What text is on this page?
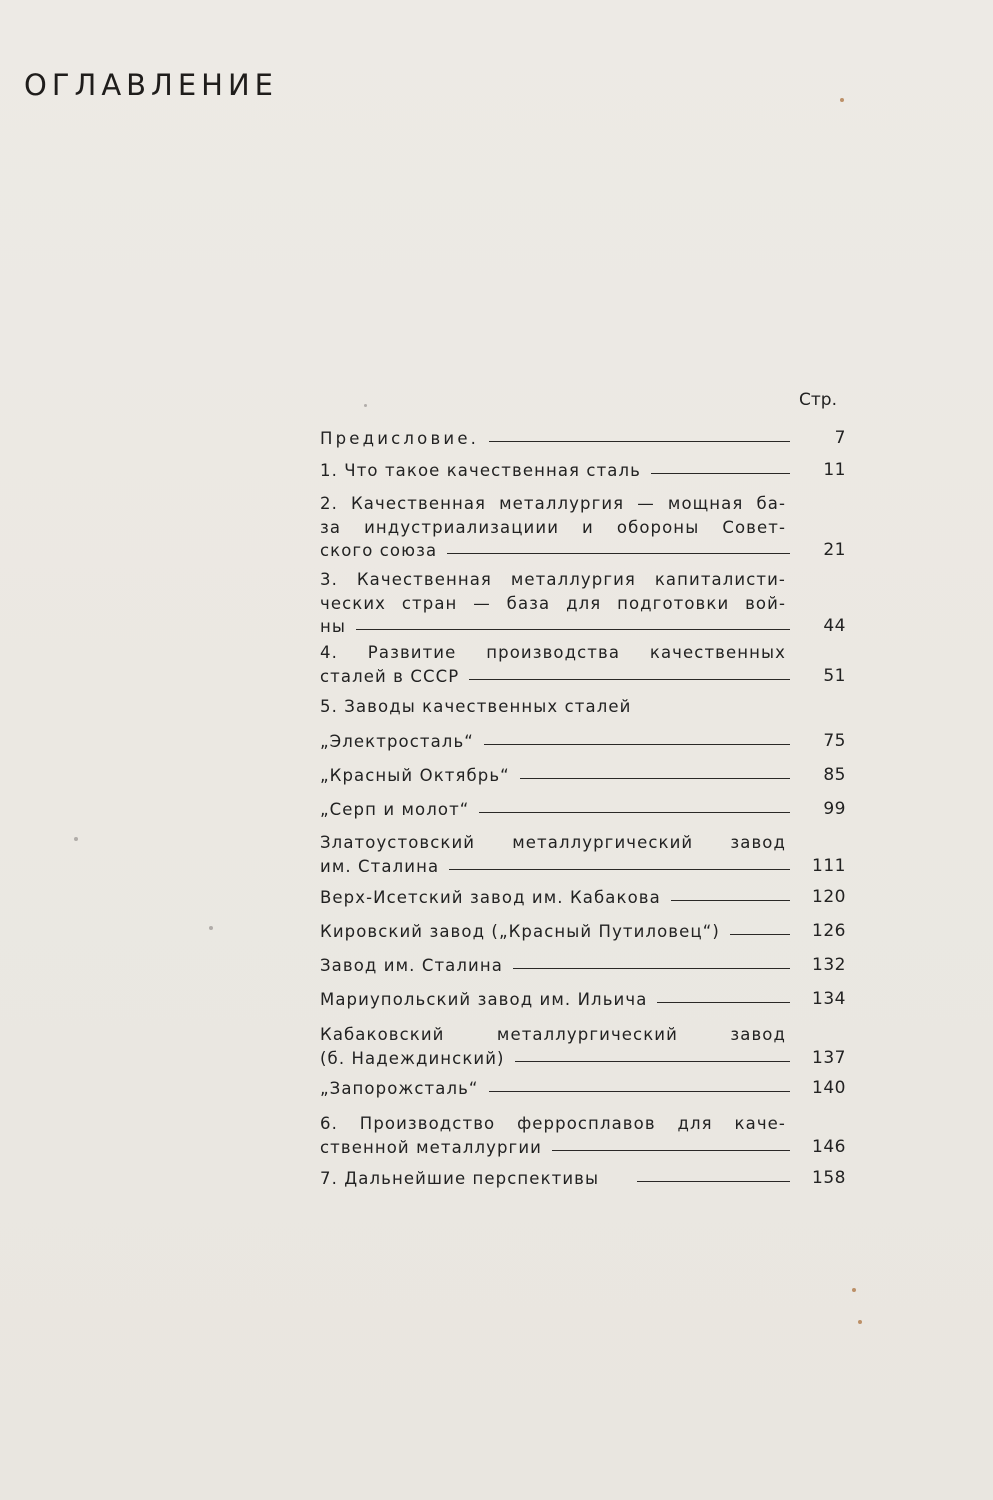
ОГЛАВЛЕНИЕ
Стр.
Предисловие.	7
1. Что такое качественная сталь	11
2. Качественная металлургия — мощная ба-
за индустриализациии и обороны Совет-
ского союза	21
3. Качественная металлургия капиталисти-
ческих стран — база для подготовки вой-
ны	44
4. Развитие производства качественных
сталей в СССР	51
5. Заводы качественных сталей
„Электросталь“	75
„Красный Октябрь“	85
„Серп и молот“	99
Златоустовский металлургический завод
им. Сталина	111
Верх-Исетский завод им. Кабакова	120
Кировский завод („Красный Путиловец“)	126
Завод им. Сталина	132
Мариупольский завод им. Ильича	134
Кабаковский металлургический завод
(б. Надеждинский)	137
„Запорожсталь“	140
6. Производство ферросплавов для каче-
ственной металлургии	146
7. Дальнейшие перспективы	158
